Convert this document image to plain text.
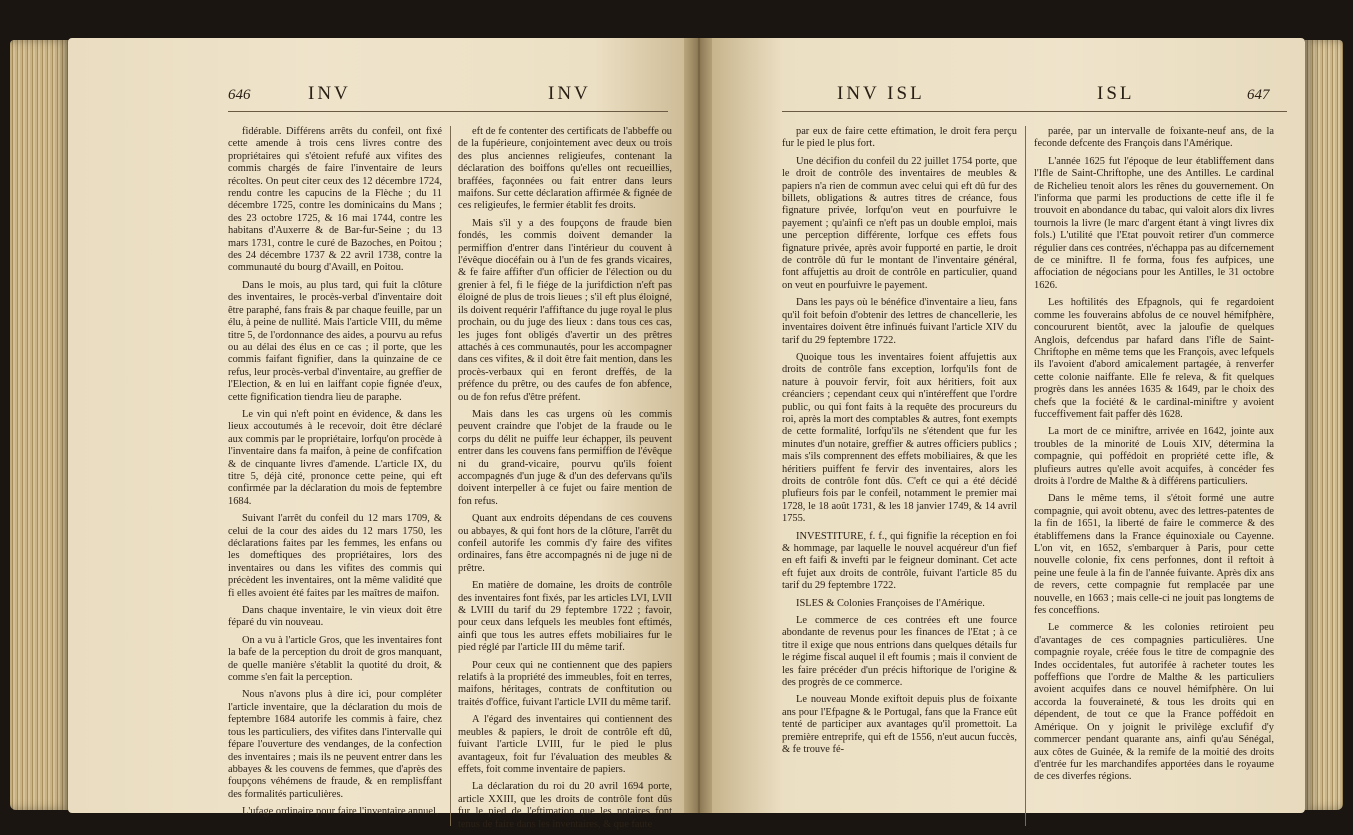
646	INV	INV

fidérable. Différens arrêts du confeil, ont fixé cette amende à trois cens livres contre des propriétaires qui s'étoient refufé aux vifites des commis chargés de faire l'inventaire de leurs récoltes. On peut citer ceux des 12 décembre 1724, rendu contre les capucins de la Flèche ; du 11 décembre 1725, contre les dominicains du Mans ; des 23 octobre 1725, & 16 mai 1744, contre les habitans d'Auxerre & de Bar-fur-Seine ; du 13 mars 1731, contre le curé de Bazoches, en Poitou ; des 24 décembre 1737 & 22 avril 1738, contre la communauté du bourg d'Availl, en Poitou.

Dans le mois, au plus tard, qui fuit la clôture des inventaires, le procès-verbal d'inventaire doit être paraphé, fans frais & par chaque feuille, par un élu, à peine de nullité. Mais l'article VIII, du même titre 5, de l'ordonnance des aides, a pourvu au refus ou au délai des élus en ce cas ; il porte, que les commis faifant fignifier, dans la quinzaine de ce refus, leur procès-verbal d'inventaire, au greffier de l'Election, & en lui en laiffant copie fignée d'eux, cette fignification tiendra lieu de paraphe.

Le vin qui n'eft point en évidence, & dans les lieux accoutumés à le recevoir, doit être déclaré aux commis par le propriétaire, lorfqu'on procède à l'inventaire dans fa maifon, à peine de confifcation & de cinquante livres d'amende. L'article IX, du titre 5, déjà cité, prononce cette peine, qui eft confirmée par la déclaration du mois de feptembre 1684.

Suivant l'arrêt du confeil du 12 mars 1709, & celui de la cour des aides du 12 mars 1750, les déclarations faites par les femmes, les enfans ou les domeftiques des propriétaires, lors des inventaires ou dans les vifites des commis qui précèdent les inventaires, ont la même validité que fi elles avoient été faites par les maîtres de maifon.

Dans chaque inventaire, le vin vieux doit être féparé du vin nouveau.

On a vu à l'article Gros, que les inventaires font la bafe de la perception du droit de gros manquant, de quelle manière s'établit la quotité du droit, & comme s'en fait la perception.

Nous n'avons plus à dire ici, pour compléter l'article inventaire, que la déclaration du mois de feptembre 1684 autorife les commis à faire, chez tous les particuliers, des vifites dans l'intervalle qui fépare l'ouverture des vendanges, de la confection des inventaires ; mais ils ne peuvent entrer dans les abbayes & les couvens de femmes, que d'après des foupçons véhémens de fraude, & en remplisffant des formalités particulières.

L'ufage ordinaire pour faire l'inventaire annuel,

eft de fe contenter des certificats de l'abbeffe ou de la fupérieure, conjointement avec deux ou trois des plus anciennes religieufes, contenant la déclaration des boiffons qu'elles ont recueillies, braffées, façonnées ou fait entrer dans leurs maifons. Sur cette déclaration affirmée & fignée de ces religieufes, le fermier établit fes droits.

Mais s'il y a des foupçons de fraude bien fondés, les commis doivent demander la permiffion d'entrer dans l'intérieur du couvent à l'évêque diocéfain ou à l'un de fes grands vicaires, & fe faire affifter d'un officier de l'élection ou du grenier à fel, fi le fiége de la jurifdiction n'eft pas éloigné de plus de trois lieues ; s'il eft plus éloigné, ils doivent requérir l'affiftance du juge royal le plus prochain, ou du juge des lieux : dans tous ces cas, les juges font obligés d'avertir un des prêtres attachés à ces communautés, pour les accompagner dans ces vifites, & il doit être fait mention, dans les procès-verbaux qui en feront dreffés, de la préfence du prêtre, ou des caufes de fon abfence, ou de fon refus d'être préfent.

Mais dans les cas urgens où les commis peuvent craindre que l'objet de la fraude ou le corps du délit ne puiffe leur échapper, ils peuvent entrer dans les couvens fans permiffion de l'évêque ni du grand-vicaire, pourvu qu'ils foient accompagnés d'un juge & d'un des defervans qu'ils doivent interpeller à ce fujet ou faire mention de fon refus.

Quant aux endroits dépendans de ces couvens ou abbayes, & qui font hors de la clôture, l'arrêt du confeil autorife les commis d'y faire des vifites ordinaires, fans être accompagnés ni de juge ni de prêtre.

En matière de domaine, les droits de contrôle des inventaires font fixés, par les articles LVI, LVII & LVIII du tarif du 29 feptembre 1722 ; favoir, pour ceux dans lefquels les meubles font eftimés, ainfi que tous les autres effets mobiliaires fur le pied réglé par l'article III du même tarif.

Pour ceux qui ne contiennent que des papiers relatifs à la propriété des immeubles, foit en terres, maifons, héritages, contrats de conftitution ou traités d'office, fuivant l'article LVII du même tarif.

A l'égard des inventaires qui contiennent des meubles & papiers, le droit de contrôle eft dû, fuivant l'article LVIII, fur le pied le plus avantageux, foit fur l'évaluation des meubles & effets, foit comme inventaire de papiers.

La déclaration du roi du 20 avril 1694 porte, article XXIII, que les droits de contrôle font dûs fur le pied de l'eftimation que les notaires font tenus de faire dans les inventaires, & que faute

INV ISL	ISL	647

par eux de faire cette eftimation, le droit fera perçu fur le pied le plus fort.

Une décifion du confeil du 22 juillet 1754 porte, que le droit de contrôle des inventaires de meubles & papiers n'a rien de commun avec celui qui eft dû fur des billets, obligations & autres titres de créance, fous fignature privée, lorfqu'on veut en pourfuivre le payement ; qu'ainfi ce n'eft pas un double emploi, mais une perception différente, lorfque ces effets fous fignature privée, après avoir fupporté en partie, le droit de contrôle dû fur le montant de l'inventaire général, font affujettis au droit de contrôle en particulier, quand on veut en pourfuivre le payement.

Dans les pays où le bénéfice d'inventaire a lieu, fans qu'il foit befoin d'obtenir des lettres de chancellerie, les inventaires doivent être infinués fuivant l'article XIV du tarif du 29 feptembre 1722.

Quoique tous les inventaires foient affujettis aux droits de contrôle fans exception, lorfqu'ils font de nature à pouvoir fervir, foit aux héritiers, foit aux créanciers ; cependant ceux qui n'intéreffent que l'ordre public, ou qui font faits à la requête des procureurs du roi, après la mort des comptables & autres, font exempts de cette formalité, lorfqu'ils ne s'étendent que fur les minutes d'un notaire, greffier & autres officiers publics ; mais s'ils comprennent des effets mobiliaires, & que les héritiers puiffent fe fervir des inventaires, alors les droits de contrôle font dûs. C'eft ce qui a été décidé plufieurs fois par le confeil, notamment le premier mai 1728, le 18 août 1731, & les 18 janvier 1749, & 14 avril 1755.

INVESTITURE, f. f., qui fignifie la réception en foi & hommage, par laquelle le nouvel acquéreur d'un fief en eft faifi & invefti par le feigneur dominant. Cet acte eft fujet aux droits de contrôle, fuivant l'article 85 du tarif du 29 feptembre 1722.

ISLES & Colonies Françoises de l'Amérique.

Le commerce de ces contrées eft une fource abondante de revenus pour les finances de l'Etat ; à ce titre il exige que nous entrions dans quelques détails fur le régime fiscal auquel il eft foumis ; mais il convient de les faire précéder d'un précis hiftorique de l'origine & des progrès de ce commerce.

Le nouveau Monde exiftoit depuis plus de foixante ans pour l'Efpagne & le Portugal, fans que la France eût tenté de participer aux avantages qu'il promettoit. La première entreprife, qui eft de 1556, n'eut aucun fuccès, & fe trouve fé-

parée, par un intervalle de foixante-neuf ans, de la feconde defcente des François dans l'Amérique.

L'année 1625 fut l'époque de leur établiffement dans l'Ifle de Saint-Chriftophe, une des Antilles. Le cardinal de Richelieu tenoit alors les rênes du gouvernement. On l'informa que parmi les productions de cette ifle il fe trouvoit en abondance du tabac, qui valoit alors dix livres tournois la livre (le marc d'argent étant à vingt livres dix fols.) L'utilité que l'Etat pouvoit retirer d'un commerce régulier dans ces contrées, n'échappa pas au difcernement de ce miniftre. Il fe forma, fous fes aufpices, une affociation de négocians pour les Antilles, le 31 octobre 1626.

Les hoftilités des Efpagnols, qui fe regardoient comme les fouverains abfolus de ce nouvel hémifphère, concoururent bientôt, avec la jaloufie de quelques Anglois, defcendus par hafard dans l'ifle de Saint-Chriftophe en même tems que les François, avec lefquels ils l'avoient d'abord amicalement partagée, à renverfer cette colonie naiffante. Elle fe releva, & fit quelques progrès dans les années 1635 & 1649, par le choix des chefs que la fociété & le cardinal-miniftre y avoient fucceffivement fait paffer dès 1628.

La mort de ce miniftre, arrivée en 1642, jointe aux troubles de la minorité de Louis XIV, détermina la compagnie, qui poffédoit en propriété cette ifle, & plufieurs autres qu'elle avoit acquifes, à concéder fes droits à l'ordre de Malthe & à différens particuliers.

Dans le même tems, il s'étoit formé une autre compagnie, qui avoit obtenu, avec des lettres-patentes de la fin de 1651, la liberté de faire le commerce & des établiffemens dans la France équinoxiale ou Cayenne. L'on vit, en 1652, s'embarquer à Paris, pour cette nouvelle colonie, fix cens perfonnes, dont il reftoit à peine une feule à la fin de l'année fuivante. Après dix ans de revers, cette compagnie fut remplacée par une nouvelle, en 1663 ; mais celle-ci ne jouit pas longtems de fes conceffions.

Le commerce & les colonies retiroient peu d'avantages de ces compagnies particulières. Une compagnie royale, créée fous le titre de compagnie des Indes occidentales, fut autorifée à racheter toutes les poffeffions que l'ordre de Malthe & les particuliers avoient acquifes dans ce nouvel hémifphère. On lui accorda la fouveraineté, & tous les droits qui en dépendent, de tout ce que la France poffédoit en Amérique. On y joignit le privilège exclufif d'y commercer pendant quarante ans, ainfi qu'au Sénégal, aux côtes de Guinée, & la remife de la moitié des droits d'entrée fur les marchandifes apportées dans le royaume de ces diverfes régions.
